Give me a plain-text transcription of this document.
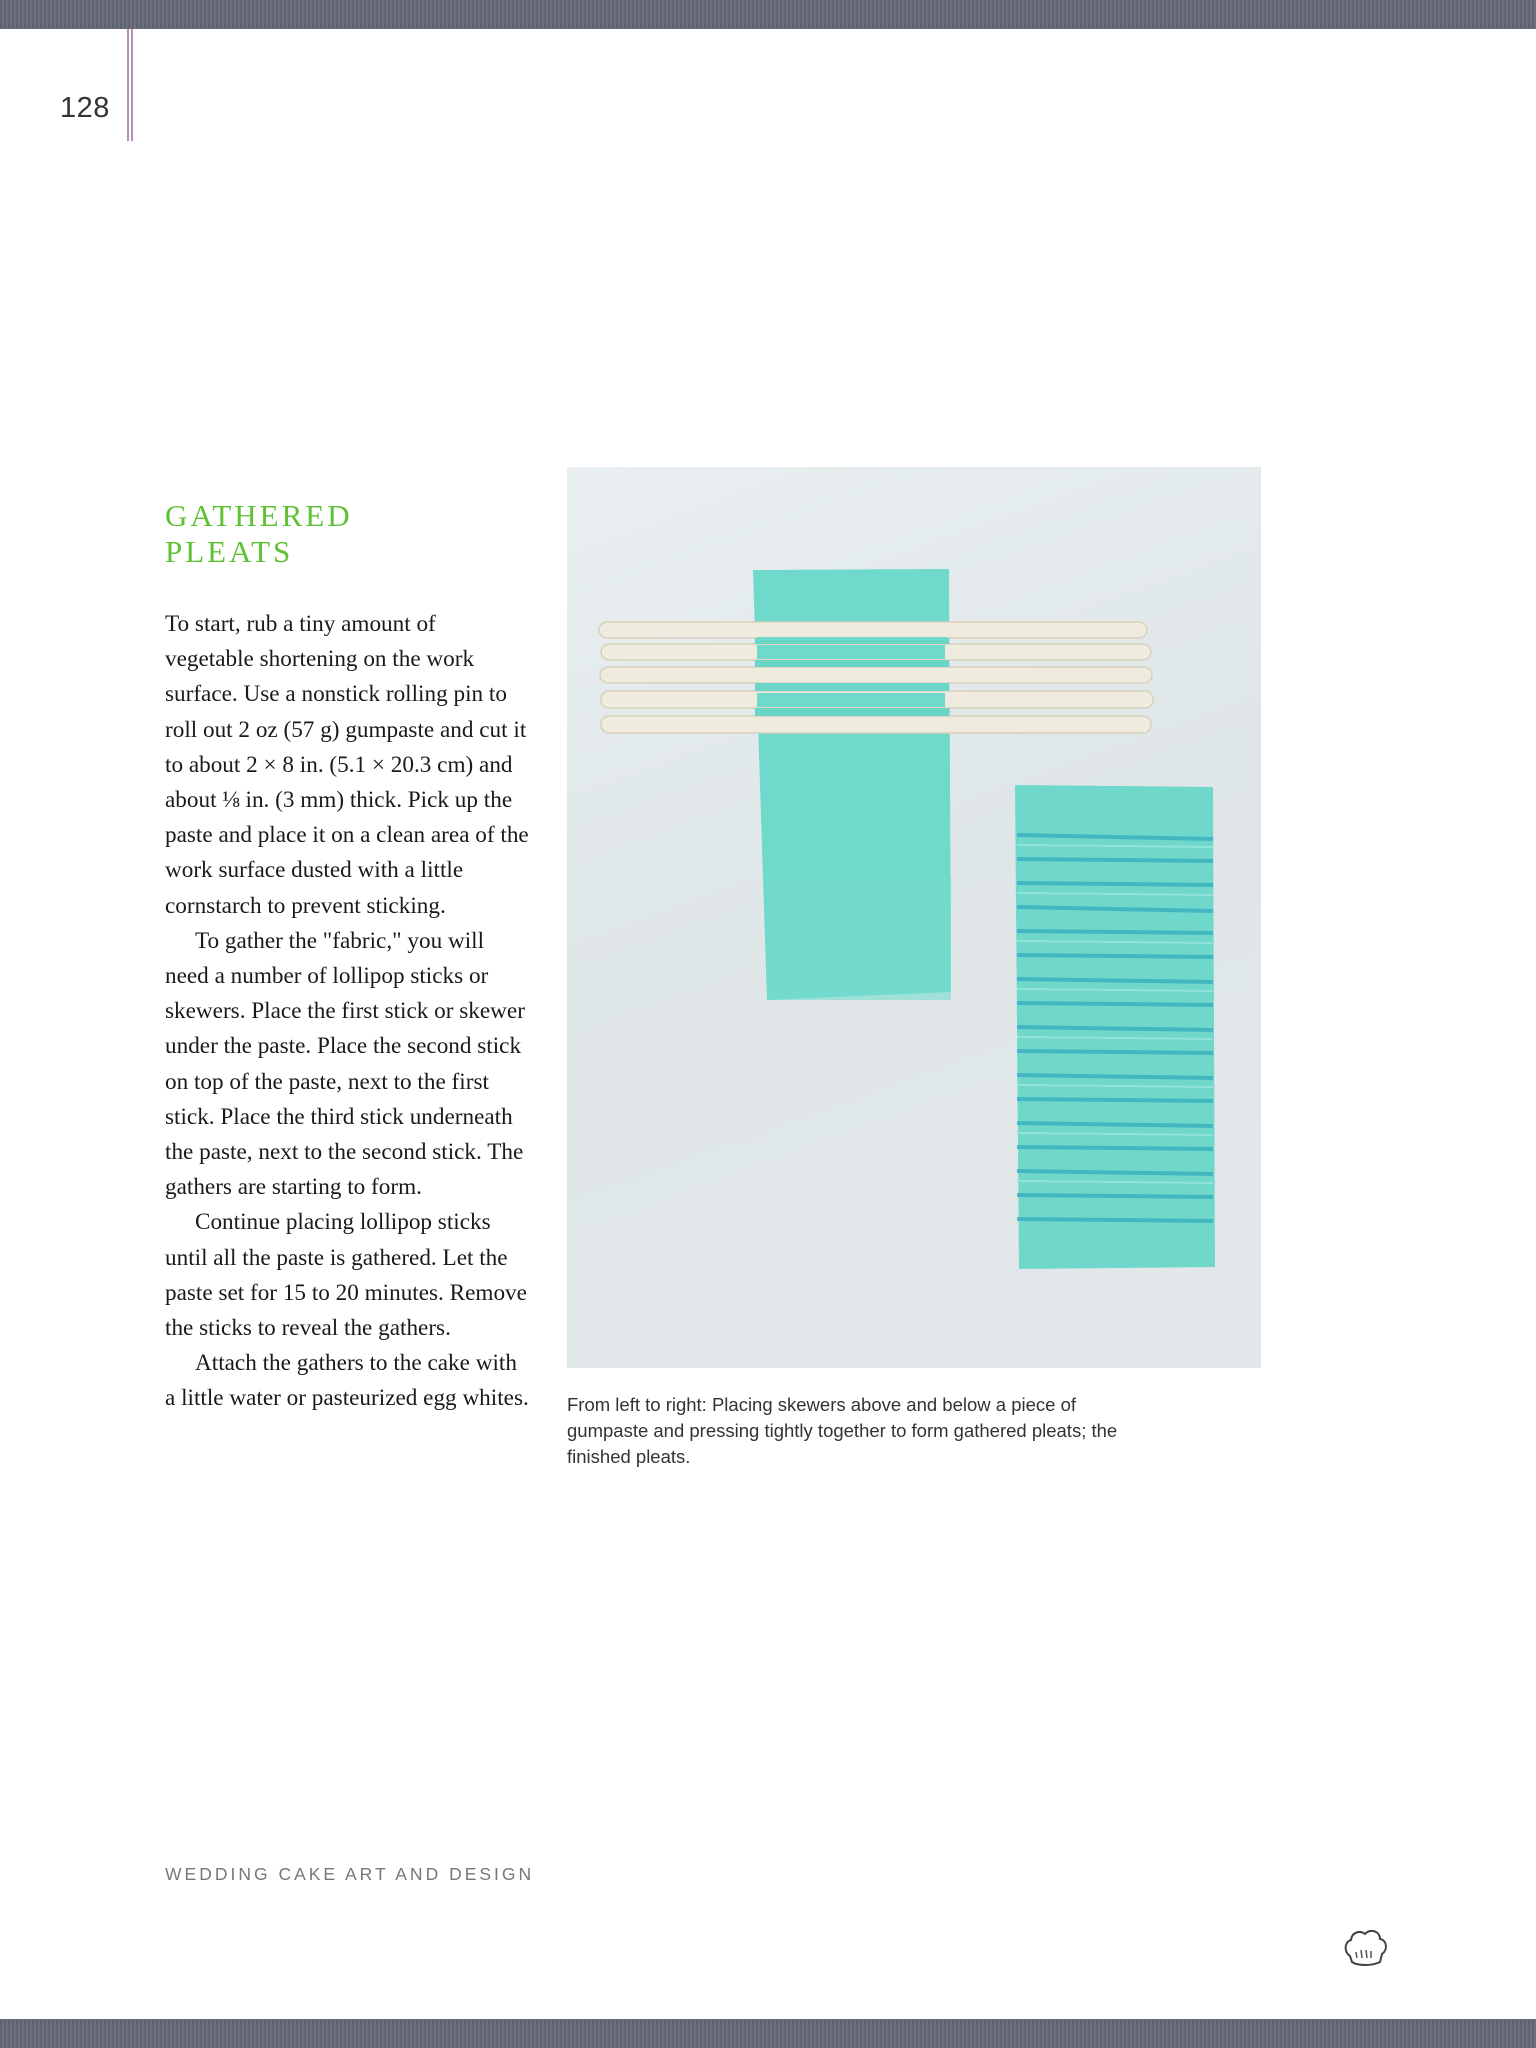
128
GATHERED
PLEATS

To start, rub a tiny amount of vegetable shortening on the work surface. Use a nonstick rolling pin to roll out 2 oz (57 g) gumpaste and cut it to about 2 × 8 in. (5.1 × 20.3 cm) and about ⅛ in. (3 mm) thick. Pick up the paste and place it on a clean area of the work surface dusted with a little cornstarch to prevent sticking.

To gather the "fabric," you will need a number of lollipop sticks or skewers. Place the first stick or skewer under the paste. Place the second stick on top of the paste, next to the first stick. Place the third stick underneath the paste, next to the second stick. The gathers are starting to form.

Continue placing lollipop sticks until all the paste is gathered. Let the paste set for 15 to 20 minutes. Remove the sticks to reveal the gathers.

Attach the gathers to the cake with a little water or pasteurized egg whites. From left to right: Placing skewers above and below a piece of gumpaste and pressing tightly together to form gathered pleats; the finished pleats.
WEDDING CAKE ART AND DESIGN
